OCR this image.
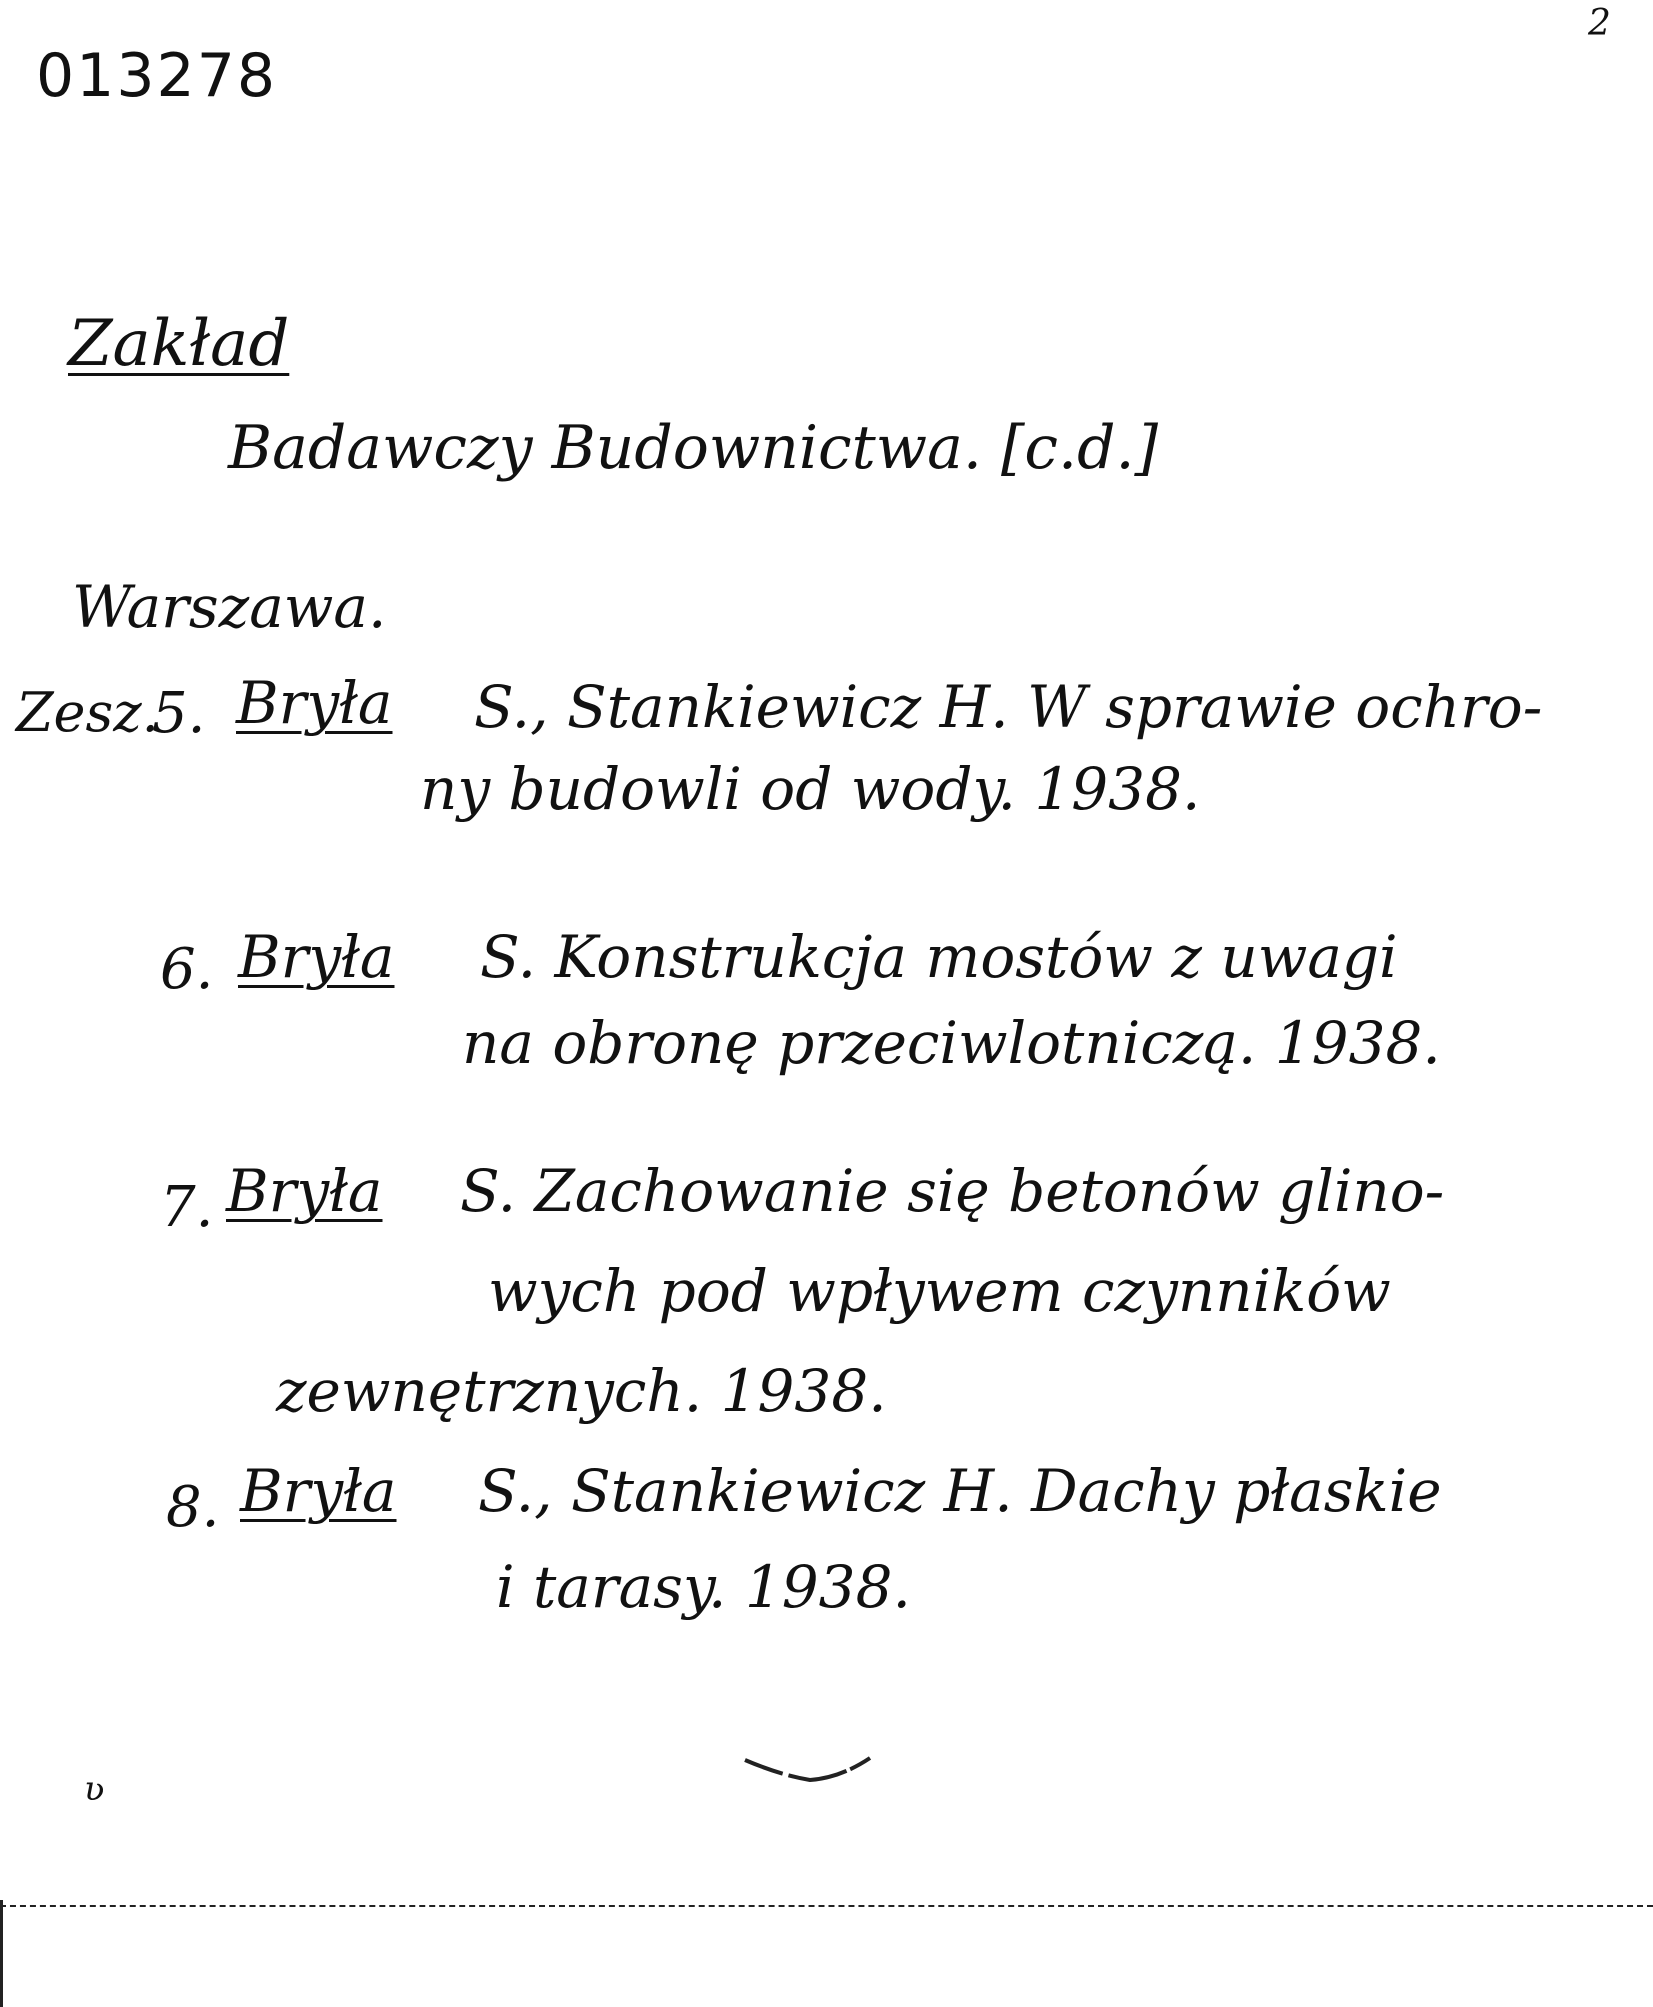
013278
2
Zakład
Badawczy Budownictwa. [c.d.]
Warszawa.
Zesz.
5. Bryła S., Stankiewicz H. W sprawie ochro-
ny budowli od wody. 1938.
6. Bryła S. Konstrukcja mostów z uwagi
na obronę przeciwlotniczą. 1938.
7. Bryła S. Zachowanie się betonów glino-
wych pod wpływem czynników
zewnętrznych. 1938.
8. Bryła S., Stankiewicz H. Dachy płaskie
i tarasy. 1938.
ʋ
